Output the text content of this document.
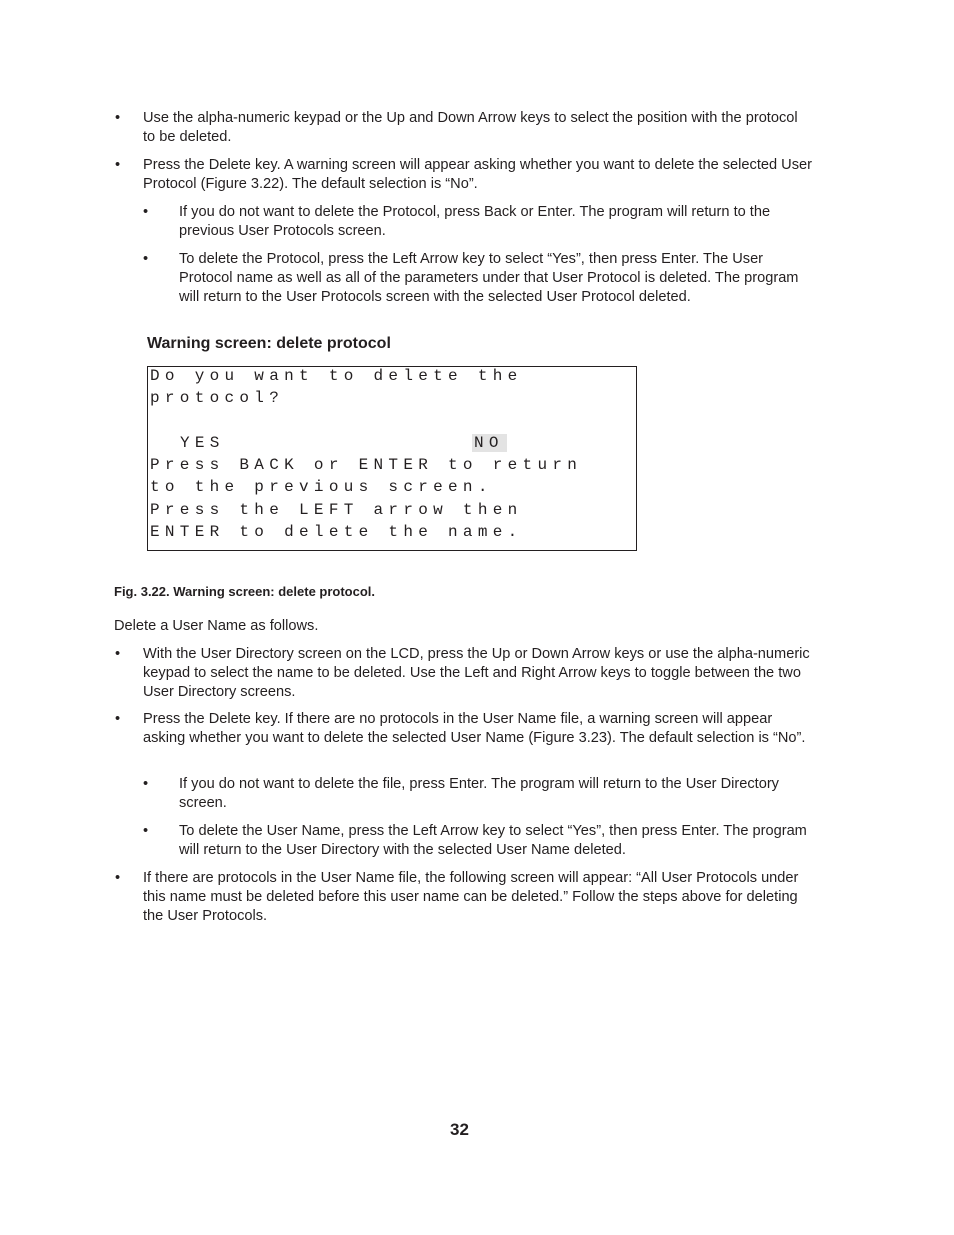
• Use the alpha-numeric keypad or the Up and Down Arrow keys to select the position with the protocol to be deleted.
• Press the Delete key. A warning screen will appear asking whether you want to delete the selected User Protocol (Figure 3.22). The default selection is “No”.
• If you do not want to delete the Protocol, press Back or Enter. The program will return to the previous User Protocols screen.
• To delete the Protocol, press the Left Arrow key to select “Yes”, then press Enter. The User Protocol name as well as all of the parameters under that User Protocol is deleted. The program will return to the User Protocols screen with the selected User Protocol deleted.
Warning screen: delete protocol
Do you want to delete the
protocol?
YES	NO
Press BACK or ENTER to return
to the previous screen.
Press the LEFT arrow then
ENTER to delete the name.
Fig. 3.22. Warning screen: delete protocol.
Delete a User Name as follows.
• With the User Directory screen on the LCD, press the Up or Down Arrow keys or use the alpha-numeric keypad to select the name to be deleted. Use the Left and Right Arrow keys to toggle between the two User Directory screens.
• Press the Delete key. If there are no protocols in the User Name file, a warning screen will appear asking whether you want to delete the selected User Name (Figure 3.23). The default selection is “No”.
• If you do not want to delete the file, press Enter. The program will return to the User Directory screen.
• To delete the User Name, press the Left Arrow key to select “Yes”, then press Enter. The program will return to the User Directory with the selected User Name deleted.
• If there are protocols in the User Name file, the following screen will appear: “All User Protocols under this name must be deleted before this user name can be deleted.” Follow the steps above for deleting the User Protocols.
32
